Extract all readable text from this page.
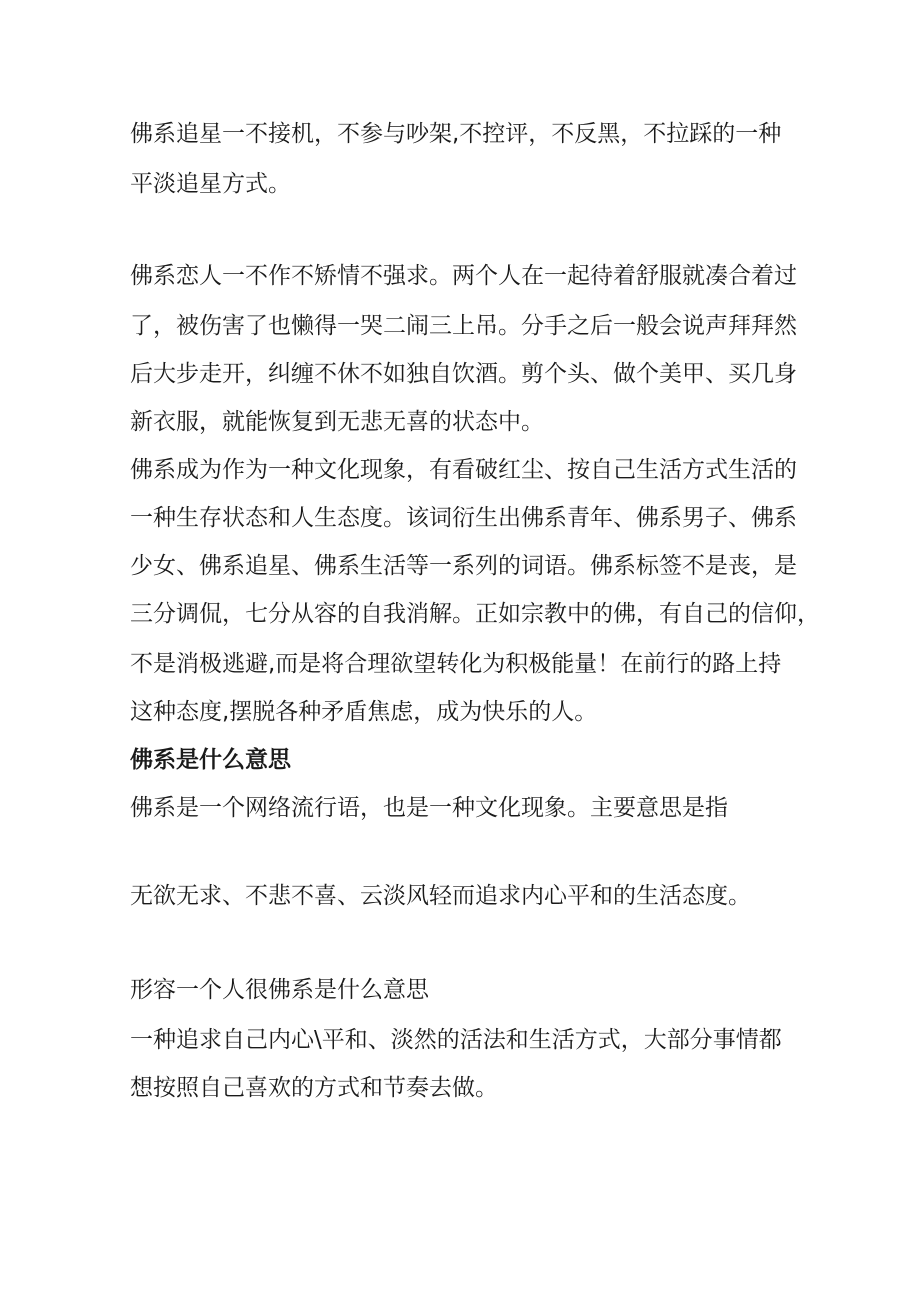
佛系追星一不接机，不参与吵架,不控评，不反黑，不拉踩的一种
平淡追星方式。
佛系恋人一不作不矫情不强求。两个人在一起待着舒服就凑合着过
了，被伤害了也懒得一哭二闹三上吊。分手之后一般会说声拜拜然
后大步走开，纠缠不休不如独自饮酒。剪个头、做个美甲、买几身
新衣服，就能恢复到无悲无喜的状态中。
佛系成为作为一种文化现象，有看破红尘、按自己生活方式生活的
一种生存状态和人生态度。该词衍生出佛系青年、佛系男子、佛系
少女、佛系追星、佛系生活等一系列的词语。佛系标签不是丧，是
三分调侃，七分从容的自我消解。正如宗教中的佛，有自己的信仰，
不是消极逃避,而是将合理欲望转化为积极能量！在前行的路上持
这种态度,摆脱各种矛盾焦虑，成为快乐的人。
佛系是什么意思
佛系是一个网络流行语，也是一种文化现象。主要意思是指
无欲无求、不悲不喜、云淡风轻而追求内心平和的生活态度。
形容一个人很佛系是什么意思
一种追求自己内心\平和、淡然的活法和生活方式，大部分事情都
想按照自己喜欢的方式和节奏去做。
